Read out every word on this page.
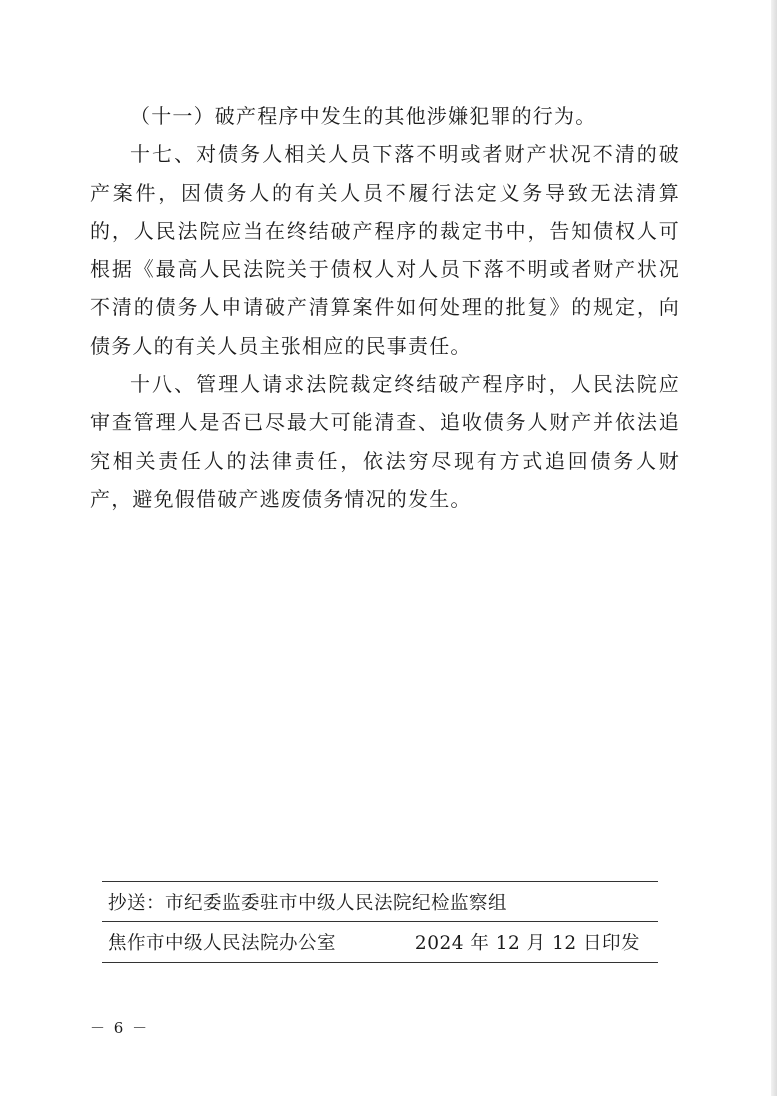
（十一）破产程序中发生的其他涉嫌犯罪的行为。

十七、对债务人相关人员下落不明或者财产状况不清的破产案件，因债务人的有关人员不履行法定义务导致无法清算的，人民法院应当在终结破产程序的裁定书中，告知债权人可根据《最高人民法院关于债权人对人员下落不明或者财产状况不清的债务人申请破产清算案件如何处理的批复》的规定，向债务人的有关人员主张相应的民事责任。

十八、管理人请求法院裁定终结破产程序时，人民法院应审查管理人是否已尽最大可能清查、追收债务人财产并依法追究相关责任人的法律责任，依法穷尽现有方式追回债务人财产，避免假借破产逃废债务情况的发生。

抄送：市纪委监委驻市中级人民法院纪检监察组
焦作市中级人民法院办公室	2024 年 12 月 12 日印发
－ 6 －
